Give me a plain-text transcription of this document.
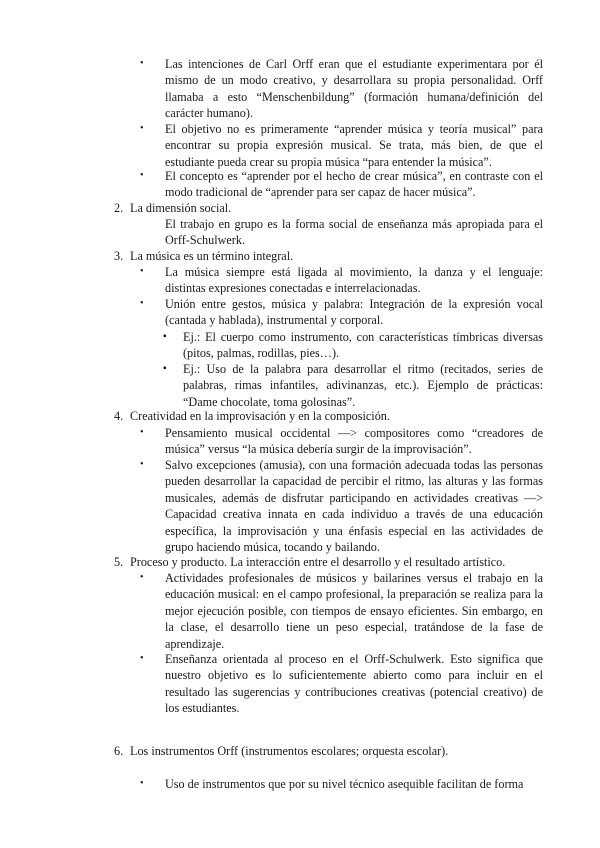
• Las intenciones de Carl Orff eran que el estudiante experimentara por él mismo de un modo creativo, y desarrollara su propia personalidad. Orff llamaba a esto “Menschenbildung” (formación humana/definición del carácter humano).
• El objetivo no es primeramente “aprender música y teoría musical” para encontrar su propia expresión musical. Se trata, más bien, de que el estudiante pueda crear su propia música “para entender la música”.
• El concepto es “aprender por el hecho de crear música”, en contraste con el modo tradicional de “aprender para ser capaz de hacer música”.
2. La dimensión social.
El trabajo en grupo es la forma social de enseñanza más apropiada para el Orff-Schulwerk.
3. La música es un término integral.
• La música siempre está ligada al movimiento, la danza y el lenguaje: distintas expresiones conectadas e interrelacionadas.
• Unión entre gestos, música y palabra: Integración de la expresión vocal (cantada y hablada), instrumental y corporal.
▪ Ej.: El cuerpo como instrumento, con características tímbricas diversas (pitos, palmas, rodillas, pies…).
▪ Ej.: Uso de la palabra para desarrollar el ritmo (recitados, series de palabras, rimas infantiles, adivinanzas, etc.). Ejemplo de prácticas: “Dame chocolate, toma golosinas”.
4. Creatividad en la improvisación y en la composición.
• Pensamiento musical occidental —> compositores como “creadores de música” versus “la música debería surgir de la improvisación”.
• Salvo excepciones (amusia), con una formación adecuada todas las personas pueden desarrollar la capacidad de percibir el ritmo, las alturas y las formas musicales, además de disfrutar participando en actividades creativas —> Capacidad creativa innata en cada individuo a través de una educación específica, la improvisación y una énfasis especial en las actividades de grupo haciendo música, tocando y bailando.
5. Proceso y producto. La interacción entre el desarrollo y el resultado artístico.
• Actividades profesionales de músicos y bailarines versus el trabajo en la educación musical: en el campo profesional, la preparación se realiza para la mejor ejecución posible, con tiempos de ensayo eficientes. Sin embargo, en la clase, el desarrollo tiene un peso especial, tratándose de la fase de aprendizaje.
• Enseñanza orientada al proceso en el Orff-Schulwerk. Esto significa que nuestro objetivo es lo suficientemente abierto como para incluir en el resultado las sugerencias y contribuciones creativas (potencial creativo) de los estudiantes.
6. Los instrumentos Orff (instrumentos escolares; orquesta escolar).
• Uso de instrumentos que por su nivel técnico asequible facilitan de forma
